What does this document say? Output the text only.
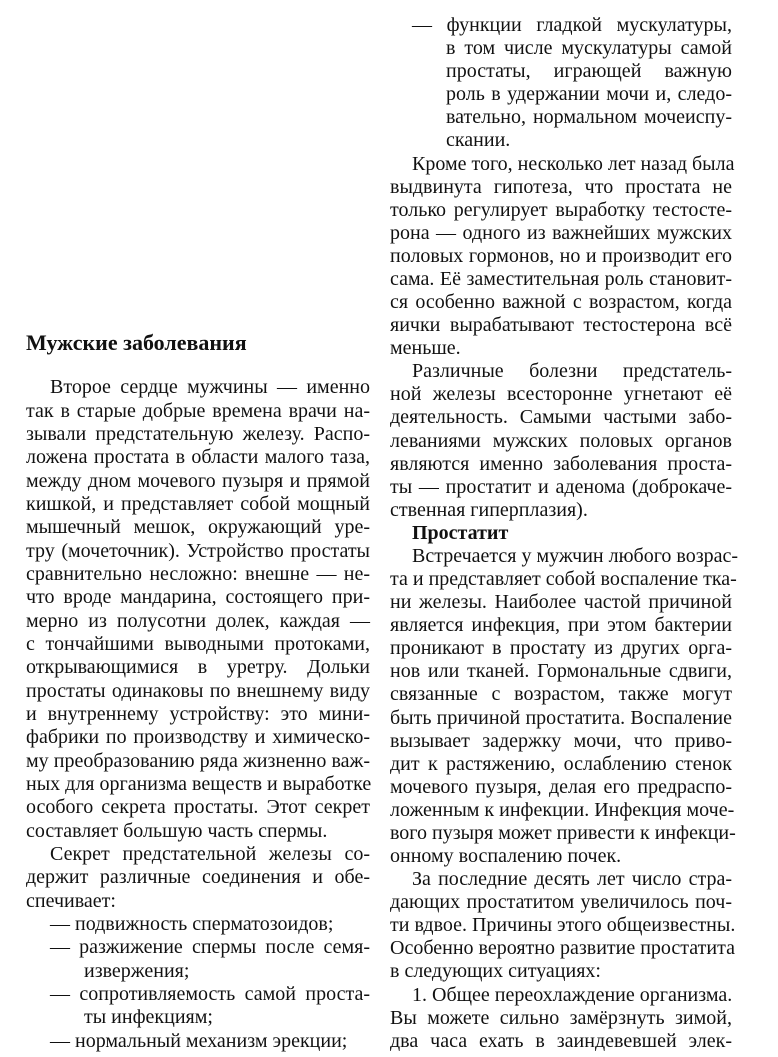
Мужские заболевания
Второе сердце мужчины — именно
так в старые добрые времена врачи на-
зывали предстательную железу. Распо-
ложена простата в области малого таза,
между дном мочевого пузыря и прямой
кишкой, и представляет собой мощный
мышечный мешок, окружающий уре-
тру (мочеточник). Устройство простаты
сравнительно несложно: внешне — не-
что вроде мандарина, состоящего при-
мерно из полусотни долек, каждая —
с тончайшими выводными протоками,
открывающимися в уретру. Дольки
простаты одинаковы по внешнему виду
и внутреннему устройству: это мини-
фабрики по производству и химическо-
му преобразованию ряда жизненно важ-
ных для организма веществ и выработке
особого секрета простаты. Этот секрет
составляет большую часть спермы.
Секрет предстательной железы со-
держит различные соединения и обе-
спечивает:
— подвижность сперматозоидов;
— разжижение спермы после семя-
извержения;
— сопротивляемость самой проста-
ты инфекциям;
— нормальный механизм эрекции;
— функции гладкой мускулатуры,
в том числе мускулатуры самой
простаты, играющей важную
роль в удержании мочи и, следо-
вательно, нормальном мочеиспу-
скании.
Кроме того, несколько лет назад была
выдвинута гипотеза, что простата не
только регулирует выработку тестосте-
рона — одного из важнейших мужских
половых гормонов, но и производит его
сама. Её заместительная роль становит-
ся особенно важной с возрастом, когда
яички вырабатывают тестостерона всё
меньше.
Различные болезни предстатель-
ной железы всесторонне угнетают её
деятельность. Самыми частыми забо-
леваниями мужских половых органов
являются именно заболевания проста-
ты — простатит и аденома (доброкаче-
ственная гиперплазия).
Простатит
Встречается у мужчин любого возрас-
та и представляет собой воспаление тка-
ни железы. Наиболее частой причиной
является инфекция, при этом бактерии
проникают в простату из других орга-
нов или тканей. Гормональные сдвиги,
связанные с возрастом, также могут
быть причиной простатита. Воспаление
вызывает задержку мочи, что приво-
дит к растяжению, ослаблению стенок
мочевого пузыря, делая его предраспо-
ложенным к инфекции. Инфекция моче-
вого пузыря может привести к инфекци-
онному воспалению почек.
За последние десять лет число стра-
дающих простатитом увеличилось поч-
ти вдвое. Причины этого общеизвестны.
Особенно вероятно развитие простатита
в следующих ситуациях:
1. Общее переохлаждение организма.
Вы можете сильно замёрзнуть зимой,
два часа ехать в заиндевевшей элек-
